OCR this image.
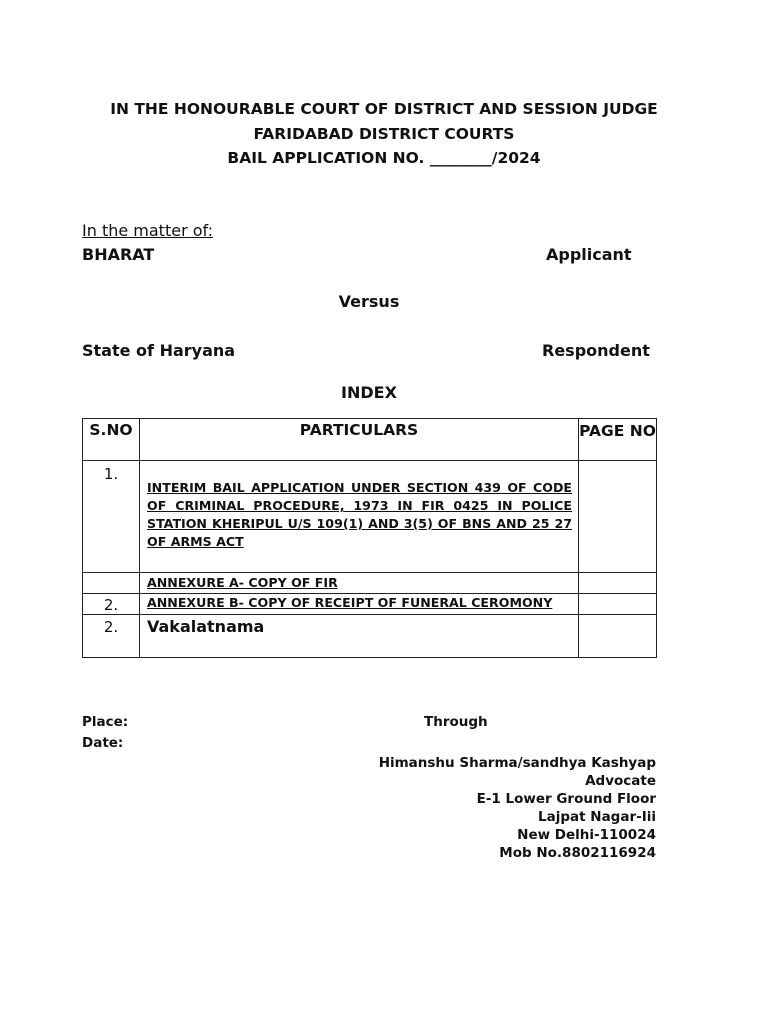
IN THE HONOURABLE COURT OF DISTRICT AND SESSION JUDGE
FARIDABAD DISTRICT COURTS
BAIL APPLICATION NO. ________/2024
In the matter of:
BHARAT	Applicant
Versus
State of Haryana	Respondent
INDEX
S.NO	PARTICULARS	PAGE NO
1.	INTERIM BAIL APPLICATION UNDER SECTION 439 OF CODE OF CRIMINAL PROCEDURE, 1973 IN FIR 0425 IN POLICE STATION KHERIPUL U/S 109(1) AND 3(5) OF BNS AND 25 27 OF ARMS ACT	
	ANNEXURE A- COPY OF FIR	
2.	ANNEXURE B- COPY OF RECEIPT OF FUNERAL CEROMONY	
2.	Vakalatnama	
Place:
Date:
Through
Himanshu Sharma/sandhya Kashyap
Advocate
E-1 Lower Ground Floor
Lajpat Nagar-Iii
New Delhi-110024
Mob No.8802116924
